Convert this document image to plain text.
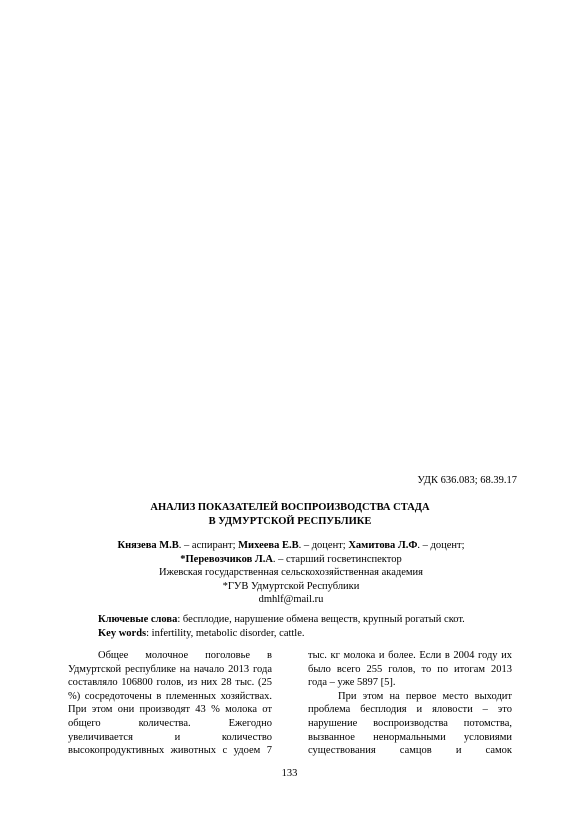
УДК 636.083; 68.39.17
АНАЛИЗ ПОКАЗАТЕЛЕЙ ВОСПРОИЗВОДСТВА СТАДА
В УДМУРТСКОЙ РЕСПУБЛИКЕ
Князева М.В. – аспирант; Михеева Е.В. – доцент; Хамитова Л.Ф. – доцент;
*Перевозчиков Л.А. – старший госветинспектор
Ижевская государственная сельскохозяйственная академия
*ГУВ Удмуртской Республики
dmhlf@mail.ru
Ключевые слова: бесплодие, нарушение обмена веществ, крупный рогатый скот.
Key words: infertility, metabolic disorder, cattle.

Общее молочное поголовье в

Удмуртской республике на начало 2013 года

составляло 106800 голов, из них 28 тыс. (25

%) сосредоточены в племенных хозяйствах.

При этом они производят 43 % молока от

общего количества. Ежегодно

увеличивается и количество

высокопродуктивных животных с удоем 7

тыс. кг молока и более. Если в 2004 году их

было всего 255 голов, то по итогам 2013

года – уже 5897 [5].

При этом на первое место выходит

проблема бесплодия и яловости – это

нарушение воспроизводства потомства,

вызванное ненормальными условиями

существования самцов и самок

133
